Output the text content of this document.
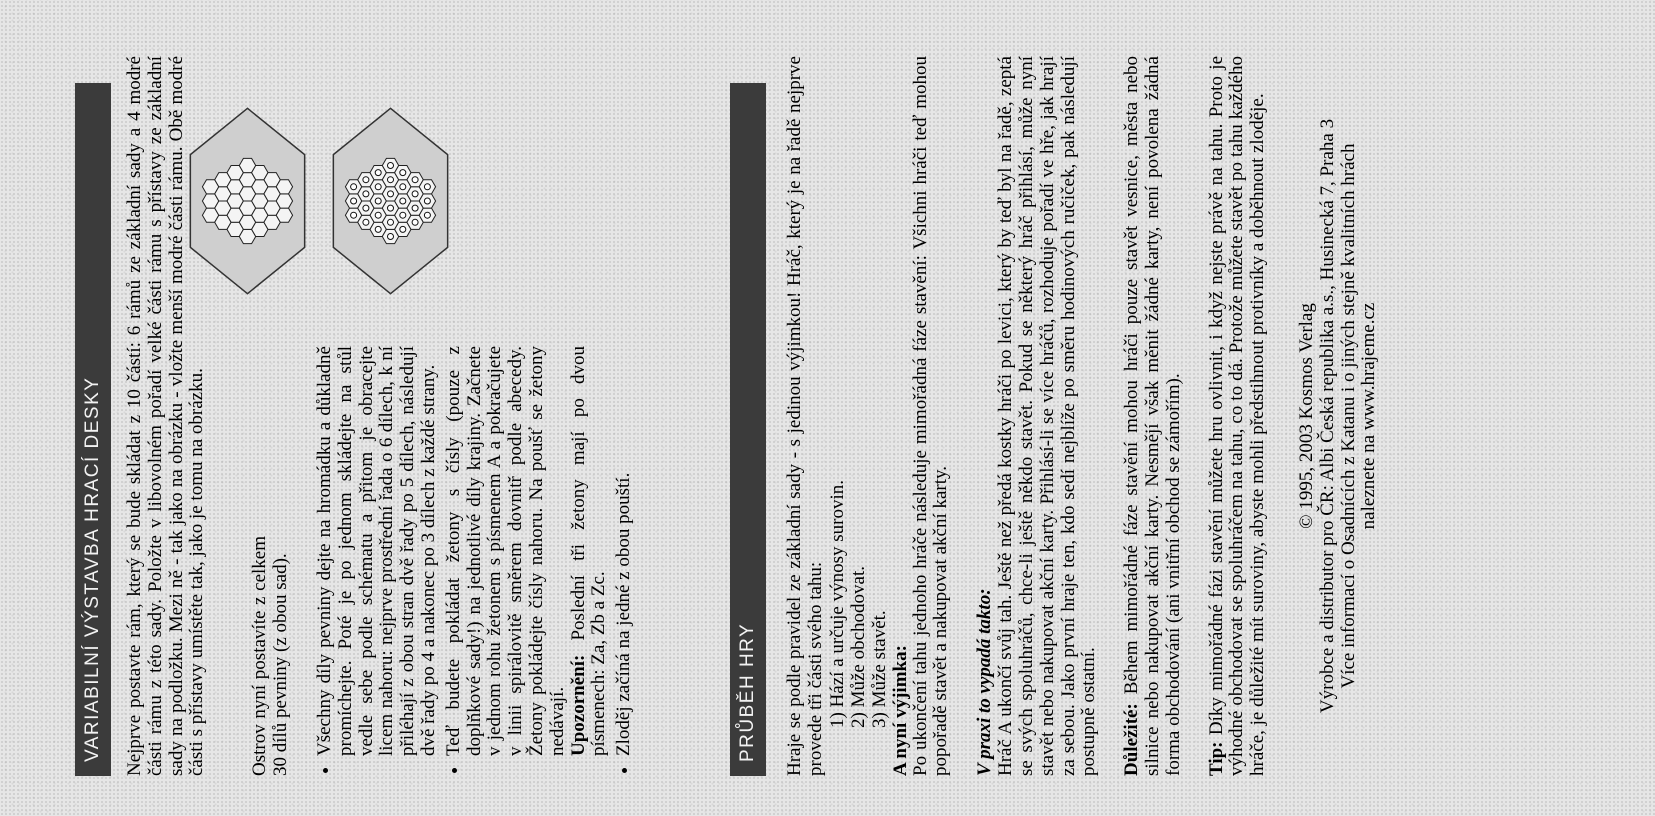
VARIABILNÍ VÝSTAVBA HRACÍ DESKY	Nejprve postavte rám, který se bude skládat z 10 částí: 6 rámů ze základní sady a 4 modré části rámu z této sady. Položte v libovolném pořadí velké části rámu s přístavy ze základní sady na podložku. Mezi ně - tak jako na obrázku - vložte menší modré části rámu. Obě modré části s přístavy umístěte tak, jako je tomu na obrázku. Ostrov nyní postavíte z celkem 30 dílů pevniny (z obou sad). • Všechny díly pevniny dejte na hromádku a důkladně promíchejte. Poté je po jednom skládejte na stůl vedle sebe podle schématu a přitom je obracejte licem nahoru: nejprve prostřední řada o 6 dílech, k ní přiléhají z obou stran dvě řady po 5 dílech, následují dvě řady po 4 a nakonec po 3 dílech z každé strany. • Teď budete pokládat žetony s čísly (pouze z doplňkové sady!) na jednotlivé díly krajiny. Začnete v jednom rohu žetonem s písmenem A a pokračujete v linii spirálovitě směrem dovnitř podle abecedy. Žetony pokládejte čísly nahoru. Na poušť se žetony nedávají.
Upozornění: Poslední tři žetony mají po dvou písmenech: Za, Zb a Zc. • Zloděj začíná na jedné z obou pouští.	PRŮBĚH HRY	Hraje se podle pravidel ze základní sady - s jedinou výjimkou! Hráč, který je na řadě nejprve provede tři části svého tahu: 1) Hází a určuje výnosy surovin. 2) Může obchodovat. 3) Může stavět. A nyní výjimka: Po ukončení tahu jednoho hráče následuje mimořádná fáze stavění: Všichni hráči teď mohou popořadě stavět a nakupovat akční karty. V praxi to vypadá takto: Hráč A ukončí svůj tah. Ještě než předá kostky hráči po levici, který by teď byl na řadě, zeptá se svých spoluhráčů, chce-li ještě někdo stavět. Pokud se některý hráč přihlásí, může nyní stavět nebo nakupovat akční karty. Přihlásí-li se více hráčů, rozhoduje pořadí ve hře, jak hrají za sebou. Jako první hraje ten, kdo sedí nejblíže po směru hodinových ručiček, pak následují postupně ostatní. Důležité: Během mimořádné fáze stavění mohou hráči pouze stavět vesnice, města nebo silnice nebo nakupovat akční karty. Nesmějí však měnit žádné karty, není povolena žádná forma obchodování (ani vnitřní obchod se zámořím). Tip: Díky mimořádné fázi stavění můžete hru ovlivnit, i když nejste právě na tahu. Proto je výhodné obchodovat se spoluhráčem na tahu, co to dá. Protože můžete stavět po tahu každého hráče, je důležité mít suroviny, abyste mohli předstihnout protivníky a doběhnout zloděje. © 1995, 2003 Kosmos Verlag Výrobce a distributor pro ČR: Albi Česká republika a.s., Husinecká 7, Praha 3 Více informací o Osadnících z Katanu i o jiných stejně kvalitních hrách naleznete na www.hrajeme.cz
